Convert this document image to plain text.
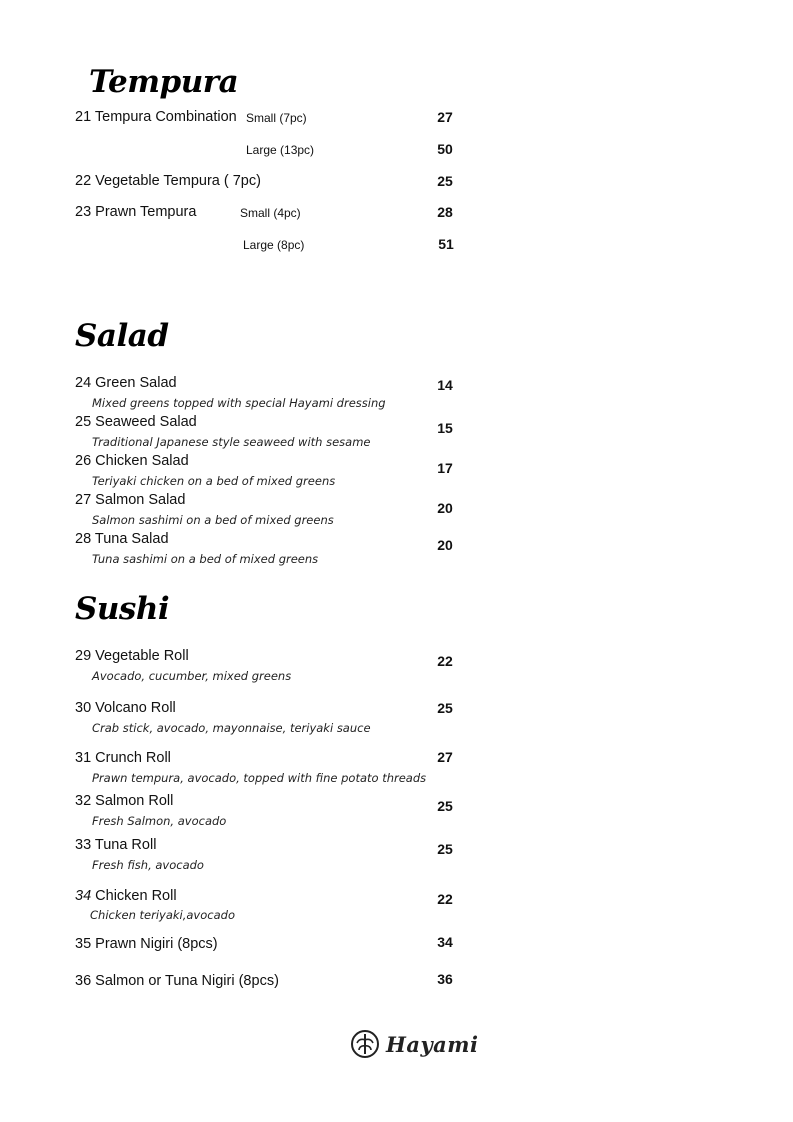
Tempura
21 Tempura Combination Small (7pc)	27
Large (13pc)	50
22 Vegetable Tempura ( 7pc)	25
23 Prawn Tempura	Small (4pc)	28
Large (8pc)	51
Salad
24 Green Salad
Mixed greens topped with special Hayami dressing
14
25 Seaweed Salad
Traditional Japanese style seaweed with sesame
15
26 Chicken Salad
Teriyaki chicken on a bed of mixed greens
17
27 Salmon Salad
Salmon sashimi on a bed of mixed greens
20
28 Tuna Salad
Tuna sashimi on a bed of mixed greens
20
Sushi
29 Vegetable Roll
Avocado, cucumber, mixed greens
22
30 Volcano Roll
Crab stick, avocado, mayonnaise, teriyaki sauce
25
31 Crunch Roll
Prawn tempura, avocado, topped with fine potato threads
27
32 Salmon Roll
Fresh Salmon, avocado
25
33 Tuna Roll
Fresh fish, avocado
25
34 Chicken Roll
Chicken teriyaki,avocado
22
35 Prawn Nigiri (8pcs)	34
36 Salmon or Tuna Nigiri (8pcs)	36
Hayami
